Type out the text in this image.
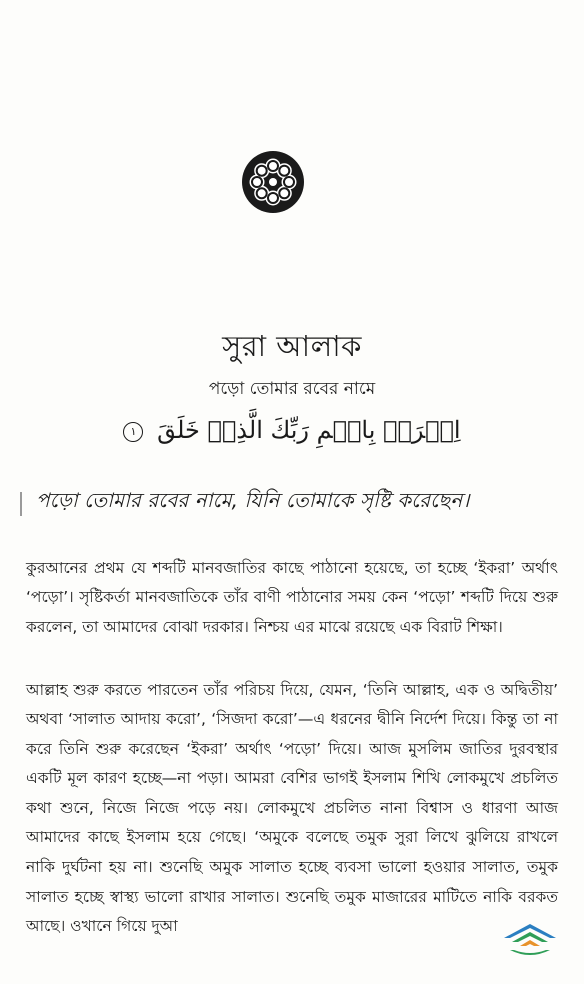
সুরা আলাক
পড়ো তোমার রবের নামে
اِقۡرَاۡ بِاسۡمِ رَبِّكَ الَّذِیۡ خَلَقَ ۱
পড়ো তোমার রবের নামে, যিনি তোমাকে সৃষ্টি করেছেন।

কুরআনের প্রথম যে শব্দটি মানবজাতির কাছে পাঠানো হয়েছে, তা হচ্ছে ‘ইকরা’ অর্থাৎ ‘পড়ো’। সৃষ্টিকর্তা মানবজাতিকে তাঁর বাণী পাঠানোর সময় কেন ‘পড়ো’ শব্দটি দিয়ে শুরু করলেন, তা আমাদের বোঝা দরকার। নিশ্চয় এর মাঝে রয়েছে এক বিরাট শিক্ষা।

আল্লাহ শুরু করতে পারতেন তাঁর পরিচয় দিয়ে, যেমন, ‘তিনি আল্লাহ, এক ও অদ্বিতীয়’ অথবা ‘সালাত আদায় করো’, ‘সিজদা করো’—এ ধরনের দ্বীনি নির্দেশ দিয়ে। কিন্তু তা না করে তিনি শুরু করেছেন ‘ইকরা’ অর্থাৎ ‘পড়ো’ দিয়ে। আজ মুসলিম জাতির দুরবস্থার একটি মূল কারণ হচ্ছে—না পড়া। আমরা বেশির ভাগই ইসলাম শিখি লোকমুখে প্রচলিত কথা শুনে, নিজে নিজে পড়ে নয়। লোকমুখে প্রচলিত নানা বিশ্বাস ও ধারণা আজ আমাদের কাছে ইসলাম হয়ে গেছে। ‘অমুকে বলেছে তমুক সুরা লিখে ঝুলিয়ে রাখলে নাকি দুর্ঘটনা হয় না। শুনেছি অমুক সালাত হচ্ছে ব্যবসা ভালো হওয়ার সালাত, তমুক সালাত হচ্ছে স্বাস্থ্য ভালো রাখার সালাত। শুনেছি তমুক মাজারের মাটিতে নাকি বরকত আছে। ওখানে গিয়ে দুআ
